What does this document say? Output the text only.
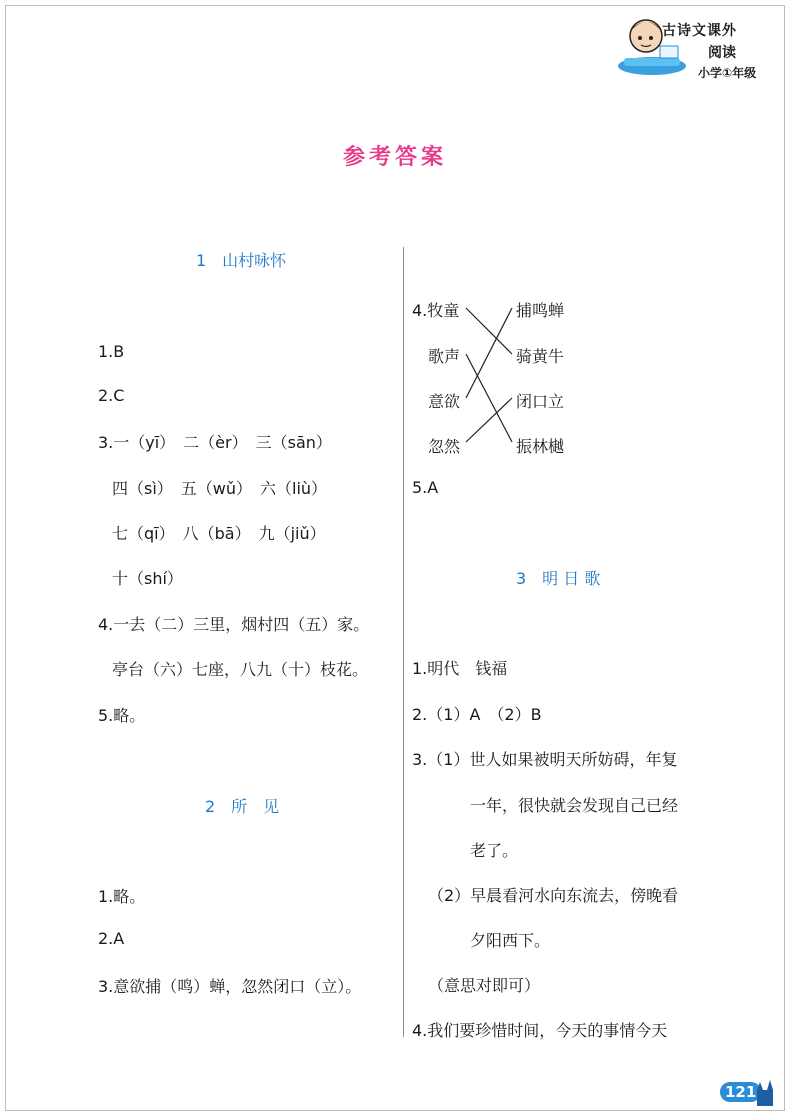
古诗文课外
阅读
小学①年级
参考答案
1　山村咏怀
1.B
2.C
3.一（yī）　二（èr）　三（sān）
四（sì）　五（wǔ）　六（liù）
七（qī）　八（bā）　九（jiǔ）
十（shí）
4.一去（二）三里，烟村四（五）家。
亭台（六）七座，八九（十）枝花。
5.略。
2　所　见
1.略。
2.A
3.意欲捕（鸣）蝉，忽然闭口（立）。
4.牧童
歌声
意欲
忽然
捕鸣蝉
骑黄牛
闭口立
振林樾
5.A
3　明 日 歌
1.明代　钱福
2.（1）A　（2）B
3.（1）世人如果被明天所妨碍，年复
一年，很快就会发现自己已经
老了。
（2）早晨看河水向东流去，傍晚看
夕阳西下。
（意思对即可）
4.我们要珍惜时间，今天的事情今天
121
